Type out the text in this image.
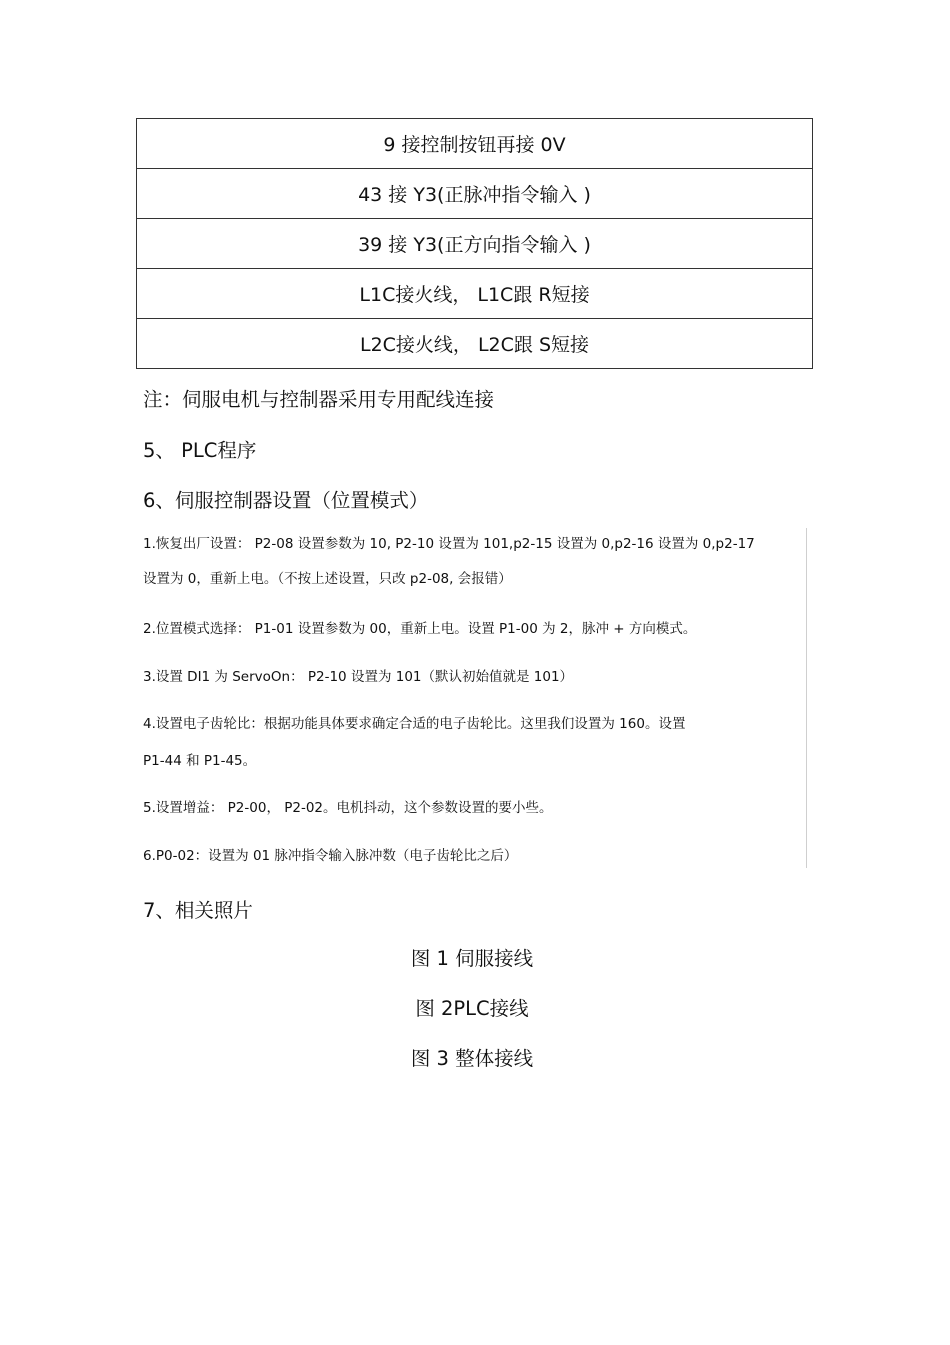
9 接控制按钮再接 0V
43 接 Y3(正脉冲指令输入 )
39 接 Y3(正方向指令输入 )
L1C接火线， L1C跟 R短接
L2C接火线， L2C跟 S短接
注：伺服电机与控制器采用专用配线连接
5、 PLC程序
6、伺服控制器设置（位置模式）
1.恢复出厂设置： P2-08 设置参数为 10, P2-10 设置为 101,p2-15 设置为 0,p2-16 设置为 0,p2-17
设置为 0，重新上电。（不按上述设置，只改 p2-08, 会报错）
2.位置模式选择： P1-01 设置参数为 00，重新上电。设置 P1-00 为 2，脉冲 + 方向模式。
3.设置 DI1 为 ServoOn： P2-10 设置为 101（默认初始值就是 101）
4.设置电子齿轮比：根据功能具体要求确定合适的电子齿轮比。这里我们设置为 160。设置
P1-44 和 P1-45。
5.设置增益： P2-00， P2-02。电机抖动，这个参数设置的要小些。
6.P0-02：设置为 01 脉冲指令输入脉冲数（电子齿轮比之后）
7、相关照片
图 1 伺服接线
图 2PLC接线
图 3 整体接线
